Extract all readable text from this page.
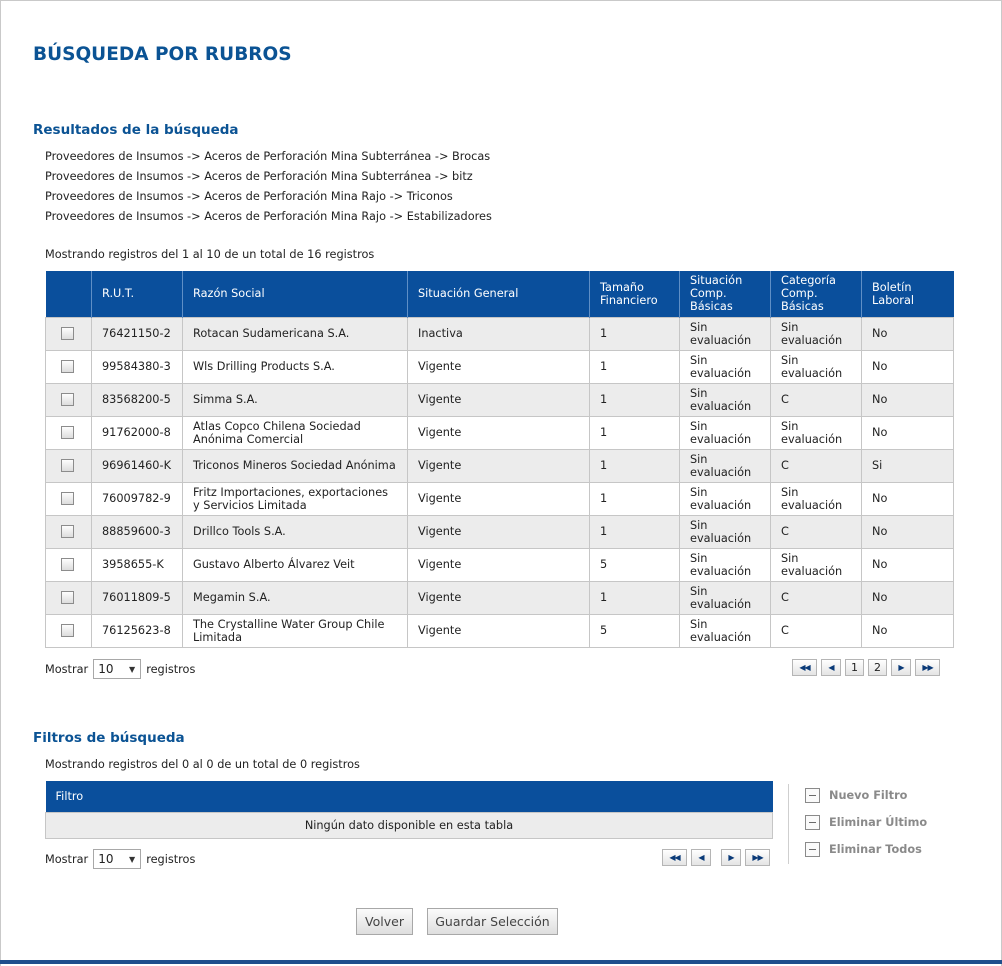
BÚSQUEDA POR RUBROS
Resultados de la búsqueda
Proveedores de Insumos -> Aceros de Perforación Mina Subterránea -> Brocas
Proveedores de Insumos -> Aceros de Perforación Mina Subterránea -> bitz
Proveedores de Insumos -> Aceros de Perforación Mina Rajo -> Triconos
Proveedores de Insumos -> Aceros de Perforación Mina Rajo -> Estabilizadores
Mostrando registros del 1 al 10 de un total de 16 registros
	R.U.T.	Razón Social	Situación General	Tamaño Financiero	Situación Comp. Básicas	Categoría Comp. Básicas	Boletín Laboral
	76421150-2	Rotacan Sudamericana S.A.	Inactiva	1	Sin evaluación	Sin evaluación	No
	99584380-3	Wls Drilling Products S.A.	Vigente	1	Sin evaluación	Sin evaluación	No
	83568200-5	Simma S.A.	Vigente	1	Sin evaluación	C	No
	91762000-8	Atlas Copco Chilena Sociedad Anónima Comercial	Vigente	1	Sin evaluación	Sin evaluación	No
	96961460-K	Triconos Mineros Sociedad Anónima	Vigente	1	Sin evaluación	C	Si
	76009782-9	Fritz Importaciones, exportaciones y Servicios Limitada	Vigente	1	Sin evaluación	Sin evaluación	No
	88859600-3	Drillco Tools S.A.	Vigente	1	Sin evaluación	C	No
	3958655-K	Gustavo Alberto Álvarez Veit	Vigente	5	Sin evaluación	Sin evaluación	No
	76011809-5	Megamin S.A.	Vigente	1	Sin evaluación	C	No
	76125623-8	The Crystalline Water Group Chile Limitada	Vigente	5	Sin evaluación	C	No
Mostrar 10 ▼ registros	◀◀	◀	1	2	▶	▶▶
Filtros de búsqueda
Mostrando registros del 0 al 0 de un total de 0 registros
Filtro
Ningún dato disponible en esta tabla
Mostrar 10 ▼ registros	◀◀	◀	▶	▶▶
Nuevo Filtro
Eliminar Último
Eliminar Todos
Volver	Guardar Selección
